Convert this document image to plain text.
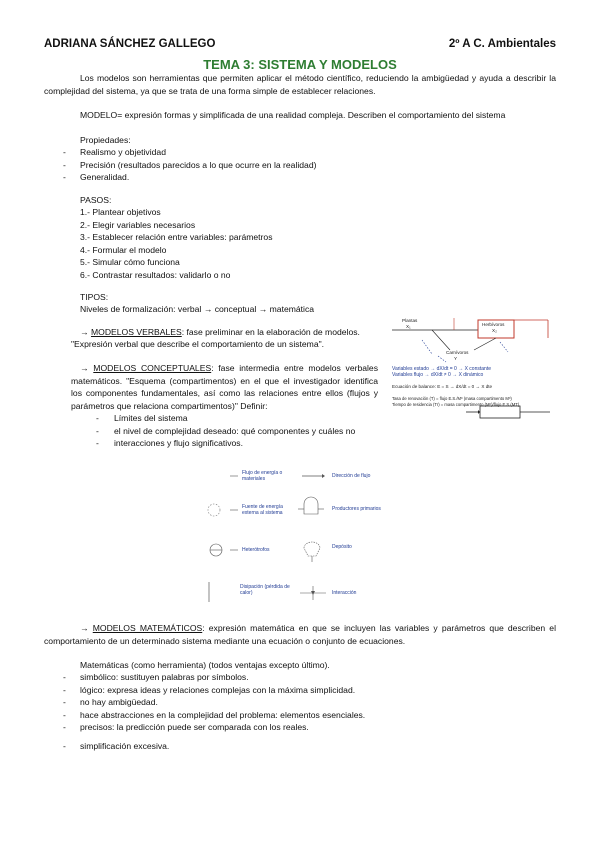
ADRIANA SÁNCHEZ GALLEGO	2º A C. Ambientales
TEMA 3: SISTEMA Y MODELOS
Los modelos son herramientas que permiten aplicar el método científico, reduciendo la ambigüedad y ayuda a describir la complejidad del sistema, ya que se trata de una forma simple de establecer relaciones.
MODELO= expresión formas y simplificada de una realidad compleja. Describen el comportamiento del sistema
Propiedades:
- Realismo y objetividad
- Precisión (resultados parecidos a lo que ocurre en la realidad)
- Generalidad.
PASOS:
1.- Plantear objetivos
2.- Elegir variables necesarios
3.- Establecer relación entre variables: parámetros
4.- Formular el modelo
5.- Simular cómo funciona
6.- Contrastar resultados: validarlo o no
TIPOS:
Niveles de formalización: verbal → conceptual → matemática
→ MODELOS VERBALES: fase preliminar en la elaboración de modelos.
"Expresión verbal que describe el comportamiento de un sistema".
→ MODELOS CONCEPTUALES: fase intermedia entre modelos verbales matemáticos. "Esquema (compartimentos) en el que el investigador identifica los componentes fundamentales, así como las relaciones entre ellos (flujos y parámetros que relaciona compartimentos)" Definir:
- Límites del sistema
- el nivel de complejidad deseado: qué componentes y cuáles no
- interacciones y flujo significativos.
Plantas
X₁	Herbívoros
X₂
Carnívoros
Y
Variables estado → dX/dt = 0 → X constante
Variables flujo → dX/dt ≠ 0 → X dinámico
Ecuación de balance: E = S → dX/dt = 0 → X dte
Tasa de renovación (T) = flujo E.S./Mº (masa compartimento Mº)
Tiempo de residencia (Tr) = masa compartimento (Mº)/flujo E.S.(MT)
Flujo de energía o materiales	Dirección de flujo
Fuente de energía externa al sistema
Productores primarios
Heterótrofos	Depósito
Disipación (pérdida de calor)	Interacción
→ MODELOS MATEMÁTICOS: expresión matemática en que se incluyen las variables y parámetros que describen el comportamiento de un determinado sistema mediante una ecuación o conjunto de ecuaciones.
Matemáticas (como herramienta) (todos ventajas excepto último).
- simbólico: sustituyen palabras por símbolos.
- lógico: expresa ideas y relaciones complejas con la máxima simplicidad.
- no hay ambigüedad.
- hace abstracciones en la complejidad del problema: elementos esenciales.
- precisos: la predicción puede ser comparada con los reales.
- simplificación excesiva.
